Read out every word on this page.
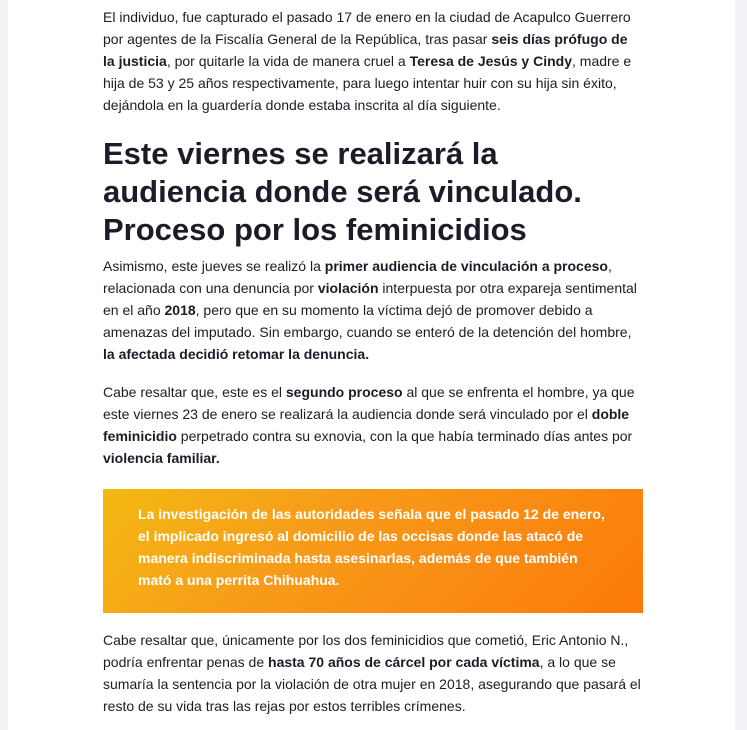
El individuo, fue capturado el pasado 17 de enero en la ciudad de Acapulco Guerrero por agentes de la Fiscalía General de la República, tras pasar seis días prófugo de la justicia, por quitarle la vida de manera cruel a Teresa de Jesús y Cindy, madre e hija de 53 y 25 años respectivamente, para luego intentar huir con su hija sin éxito, dejándola en la guardería donde estaba inscrita al día siguiente.

Este viernes se realizará la audiencia donde será vinculado. Proceso por los feminicidios

Asimismo, este jueves se realizó la primer audiencia de vinculación a proceso, relacionada con una denuncia por violación interpuesta por otra expareja sentimental en el año 2018, pero que en su momento la víctima dejó de promover debido a amenazas del imputado. Sin embargo, cuando se enteró de la detención del hombre, la afectada decidió retomar la denuncia.

Cabe resaltar que, este es el segundo proceso al que se enfrenta el hombre, ya que este viernes 23 de enero se realizará la audiencia donde será vinculado por el doble feminicidio perpetrado contra su exnovia, con la que había terminado días antes por violencia familiar.

La investigación de las autoridades señala que el pasado 12 de enero, el implicado ingresó al domicilio de las occisas donde las atacó de manera indiscriminada hasta asesinarlas, además de que también mató a una perrita Chihuahua.

Cabe resaltar que, únicamente por los dos feminicidios que cometió, Eric Antonio N., podría enfrentar penas de hasta 70 años de cárcel por cada víctima, a lo que se sumaría la sentencia por la violación de otra mujer en 2018, asegurando que pasará el resto de su vida tras las rejas por estos terribles crímenes.
